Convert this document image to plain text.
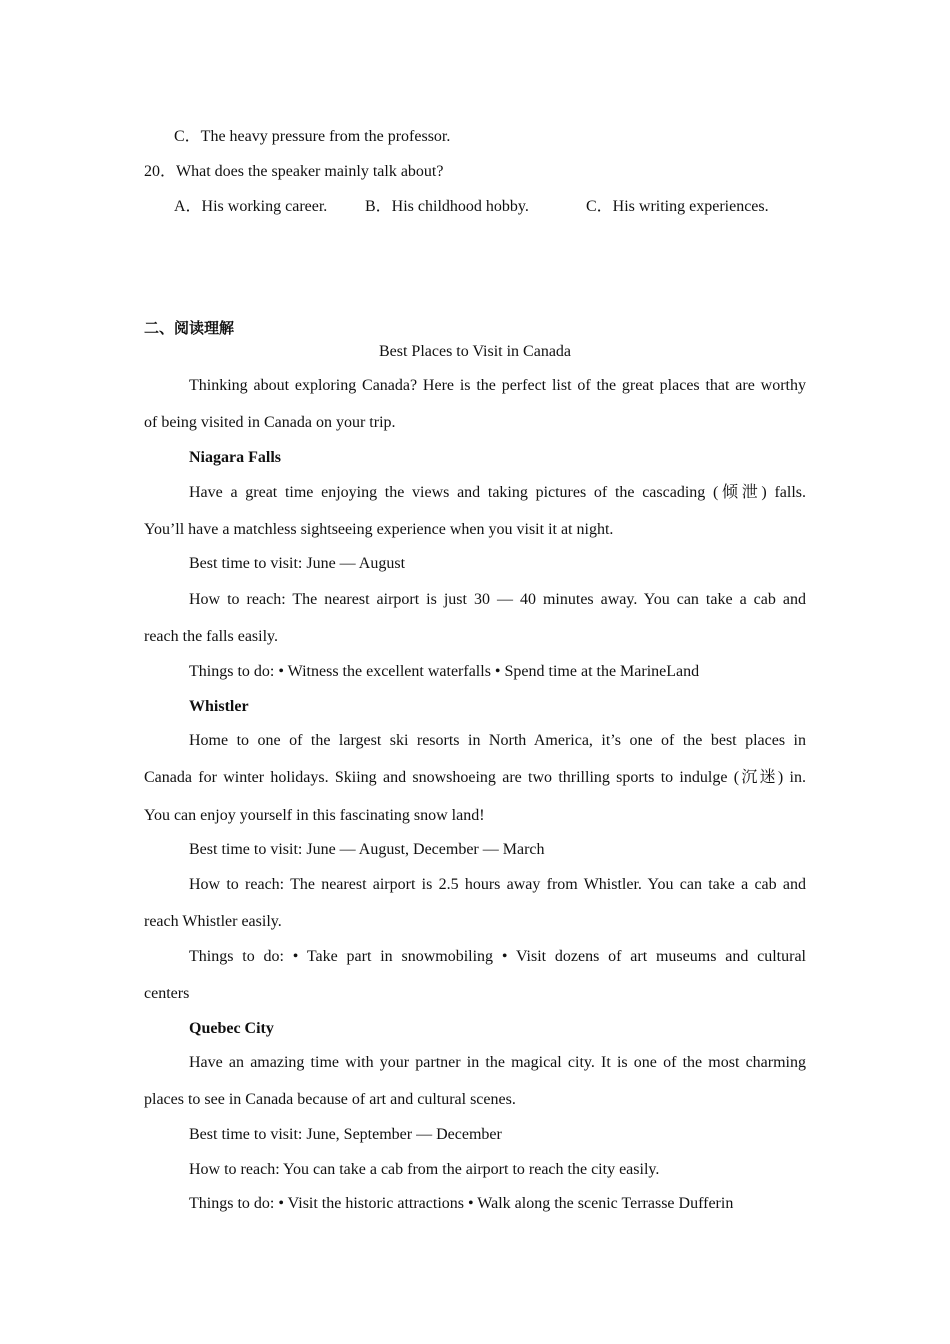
C．The heavy pressure from the professor.
20．What does the speaker mainly talk about?
A．His working career. B．His childhood hobby.	C．His writing experiences.
二、阅读理解
Best Places to Visit in Canada
Thinking about exploring Canada? Here is the perfect list of the great places that are worthy
of being visited in Canada on your trip.
Niagara Falls
Have a great time enjoying the views and taking pictures of the cascading (倾泄) falls.
You’ll have a matchless sightseeing experience when you visit it at night.
Best time to visit: June — August
How to reach: The nearest airport is just 30 — 40 minutes away. You can take a cab and
reach the falls easily.
Things to do: • Witness the excellent waterfalls • Spend time at the MarineLand
Whistler
Home to one of the largest ski resorts in North America, it’s one of the best places in
Canada for winter holidays. Skiing and snowshoeing are two thrilling sports to indulge (沉迷) in.
You can enjoy yourself in this fascinating snow land!
Best time to visit: June — August, December — March
How to reach: The nearest airport is 2.5 hours away from Whistler. You can take a cab and
reach Whistler easily.
Things to do: • Take part in snowmobiling • Visit dozens of art museums and cultural
centers
Quebec City
Have an amazing time with your partner in the magical city. It is one of the most charming
places to see in Canada because of art and cultural scenes.
Best time to visit: June, September — December
How to reach: You can take a cab from the airport to reach the city easily.
Things to do: • Visit the historic attractions • Walk along the scenic Terrasse Dufferin
